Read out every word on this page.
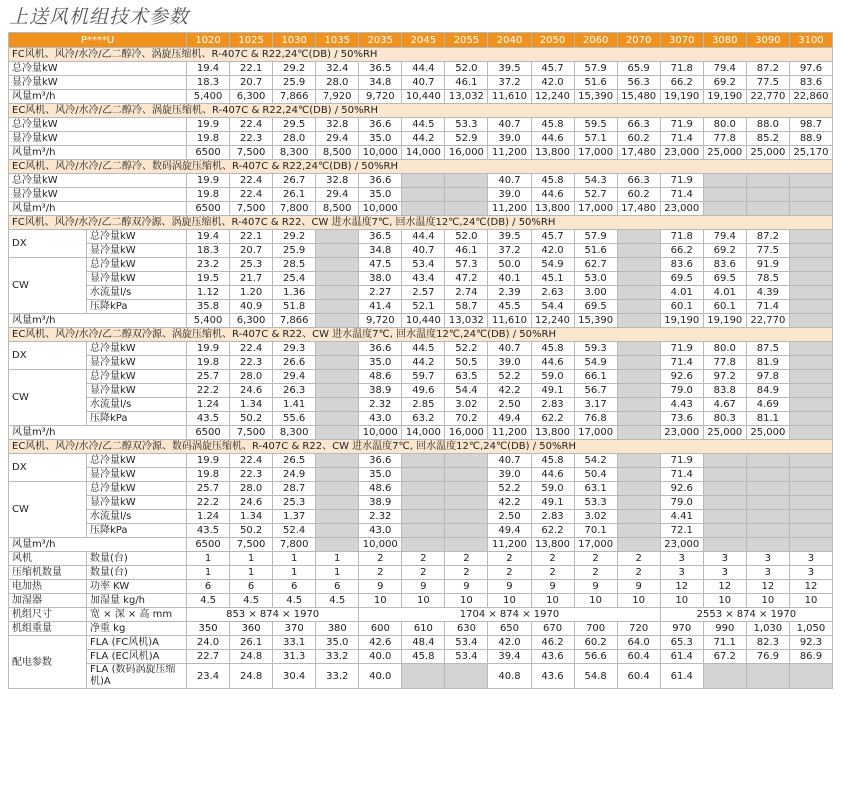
上送风机组技术参数
P****U		1020	1025	1030	1035	2035	2045	2055	2040	2050	2060	2070	3070	3080	3090	3100
FC风机、风冷/水冷/乙二醇冷、涡旋压缩机、R-407C & R22,24℃(DB) / 50%RH																
总冷量kW		19.4	22.1	29.2	32.4	36.5	44.4	52.0	39.5	45.7	57.9	65.9	71.8	79.4	87.2	97.6
显冷量kW		18.3	20.7	25.9	28.0	34.8	40.7	46.1	37.2	42.0	51.6	56.3	66.2	69.2	77.5	83.6
风量m³/h		5,400	6,300	7,866	7,920	9,720	10,440	13,032	11,610	12,240	15,390	15,480	19,190	19,190	22,770	22,860
EC风机、风冷/水冷/乙二醇冷、涡旋压缩机、R-407C & R22,24℃(DB) / 50%RH																
总冷量kW		19.9	22.4	29.5	32.8	36.6	44.5	53.3	40.7	45.8	59.5	66.3	71.9	80.0	88.0	98.7
显冷量kW		19.8	22.3	28.0	29.4	35.0	44.2	52.9	39.0	44.6	57.1	60.2	71.4	77.8	85.2	88.9
风量m³/h		6500	7,500	8,300	8,500	10,000	14,000	16,000	11,200	13,800	17,000	17,480	23,000	25,000	25,000	25,170
EC风机、风冷/水冷/乙二醇冷、数码涡旋压缩机、R-407C & R22,24℃(DB) / 50%RH																
总冷量kW		19.9	22.4	26.7	32.8	36.6			40.7	45.8	54.3	66.3	71.9			
显冷量kW		19.8	22.4	26.1	29.4	35.0			39.0	44.6	52.7	60.2	71.4			
风量m³/h		6500	7,500	7,800	8,500	10,000			11,200	13,800	17,000	17,480	23,000			
FC风机、风冷/水冷/乙二醇双冷源、涡旋压缩机、R-407C & R22、CW 进水温度7℃, 回水温度12℃,24℃(DB) / 50%RH																
DX	总冷量kW	19.4	22.1	29.2		36.5	44.4	52.0	39.5	45.7	57.9		71.8	79.4	87.2	
	显冷量kW	18.3	20.7	25.9		34.8	40.7	46.1	37.2	42.0	51.6		66.2	69.2	77.5	
CW	总冷量kW	23.2	25.3	28.5		47.5	53.4	57.3	50.0	54.9	62.7		83.6	83.6	91.9	
	显冷量kW	19.5	21.7	25.4		38.0	43.4	47.2	40.1	45.1	53.0		69.5	69.5	78.5	
	水流量l/s	1.12	1.20	1.36		2.27	2.57	2.74	2.39	2.63	3.00		4.01	4.01	4.39	
	压降kPa	35.8	40.9	51.8		41.4	52.1	58.7	45.5	54.4	69.5		60.1	60.1	71.4	
风量m³/h		5,400	6,300	7,866		9,720	10,440	13,032	11,610	12,240	15,390		19,190	19,190	22,770	
EC风机、风冷/水冷/乙二醇双冷源、涡旋压缩机、R-407C & R22、CW 进水温度7℃, 回水温度12℃,24℃(DB) / 50%RH																
DX	总冷量kW	19.9	22.4	29.3		36.6	44.5	52.2	40.7	45.8	59.3		71.9	80.0	87.5	
	显冷量kW	19.8	22.3	26.6		35.0	44.2	50.5	39.0	44.6	54.9		71.4	77.8	81.9	
CW	总冷量kW	25.7	28.0	29.4		48.6	59.7	63.5	52.2	59.0	66.1		92.6	97.2	97.8	
	显冷量kW	22.2	24.6	26.3		38.9	49.6	54.4	42.2	49.1	56.7		79.0	83.8	84.9	
	水流量l/s	1.24	1.34	1.41		2.32	2.85	3.02	2.50	2.83	3.17		4.43	4.67	4.69	
	压降kPa	43.5	50.2	55.6		43.0	63.2	70.2	49.4	62.2	76.8		73.6	80.3	81.1	
风量m³/h		6500	7,500	8,300		10,000	14,000	16,000	11,200	13,800	17,000		23,000	25,000	25,000	
EC风机、风冷/水冷/乙二醇双冷源、数码涡旋压缩机、R-407C & R22、CW 进水温度7℃, 回水温度12℃,24℃(DB) / 50%RH																
DX	总冷量kW	19.9	22.4	26.5		36.6			40.7	45.8	54.2		71.9			
	显冷量kW	19.8	22.3	24.9		35.0			39.0	44.6	50.4		71.4			
CW	总冷量kW	25.7	28.0	28.7		48.6			52.2	59.0	63.1		92.6			
	显冷量kW	22.2	24.6	25.3		38.9			42.2	49.1	53.3		79.0			
	水流量l/s	1.24	1.34	1.37		2.32			2.50	2.83	3.02		4.41			
	压降kPa	43.5	50.2	52.4		43.0			49.4	62.2	70.1		72.1			
风量m³/h		6500	7,500	7,800		10,000			11,200	13,800	17,000		23,000			
风机	数量(台)	1	1	1	1	2	2	2	2	2	2	2	3	3	3	3
压缩机数量	数量(台)	1	1	1	1	2	2	2	2	2	2	2	3	3	3	3
电加热	功率 KW	6	6	6	6	9	9	9	9	9	9	9	12	12	12	12
加湿器	加湿量 kg/h	4.5	4.5	4.5	4.5	10	10	10	10	10	10	10	10	10	10	10
机组尺寸	宽 × 深 × 高 mm	853 × 874 × 1970				1704 × 874 × 1970							2553 × 874 × 1970			
机组重量	净重 kg	350	360	370	380	600	610	630	650	670	700	720	970	990	1,030	1,050
配电参数	FLA (FC风机)A	24.0	26.1	33.1	35.0	42.6	48.4	53.4	42.0	46.2	60.2	64.0	65.3	71.1	82.3	92.3
	FLA (EC风机)A	22.7	24.8	31.3	33.2	40.0	45.8	53.4	39.4	43.6	56.6	60.4	61.4	67.2	76.9	86.9
	FLA (数码涡旋压缩机)A	23.4	24.8	30.4	33.2	40.0			40.8	43.6	54.8	60.4	61.4			
